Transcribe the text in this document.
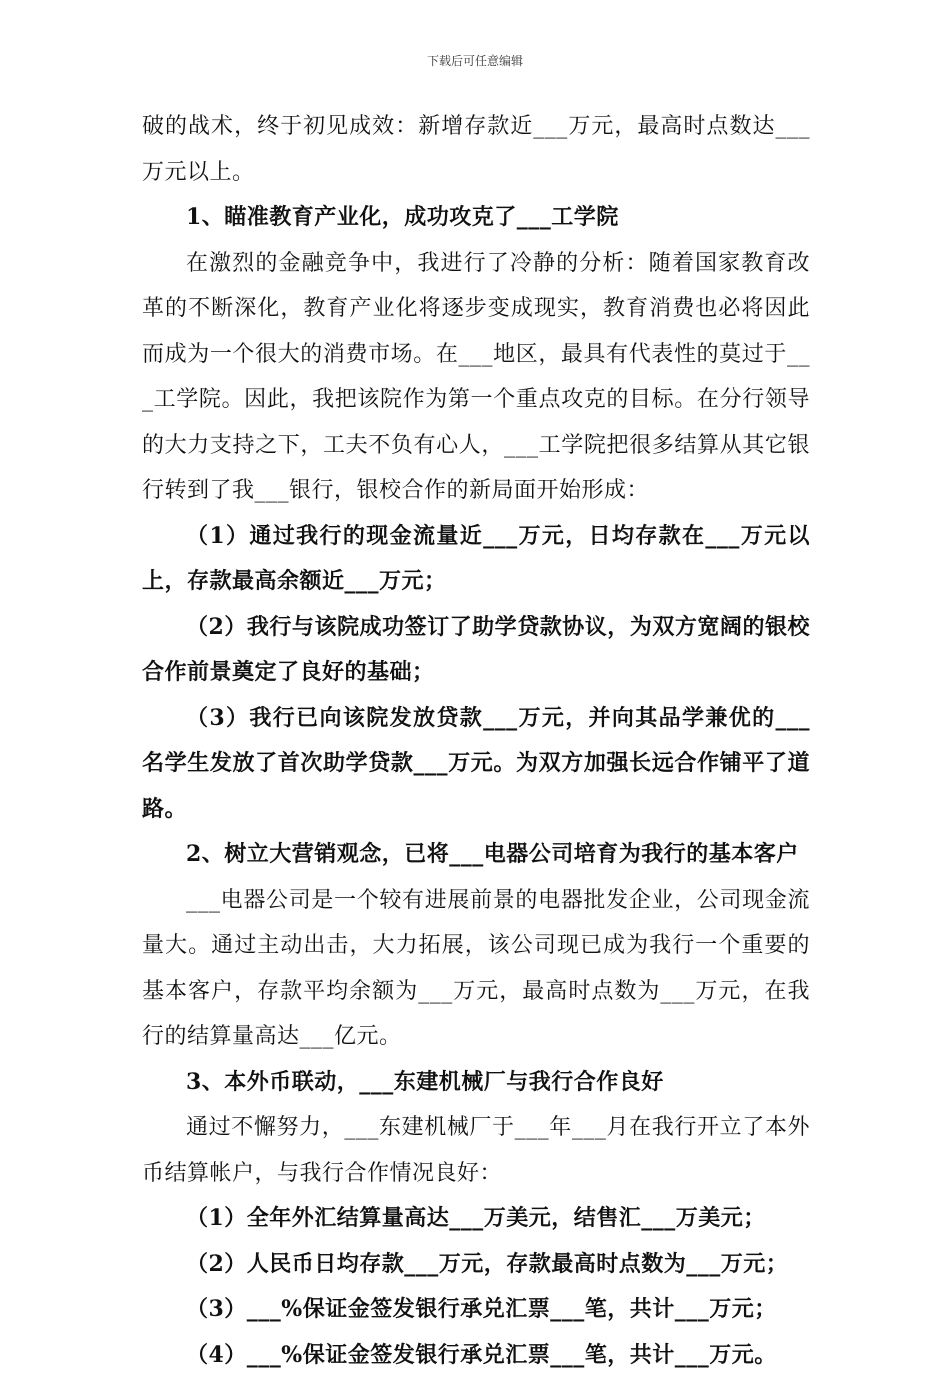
下载后可任意编辑

破的战术，终于初见成效：新增存款近___万元，最高时点数达___万元以上。

1、瞄准教育产业化，成功攻克了___工学院

在激烈的金融竞争中，我进行了冷静的分析：随着国家教育改革的不断深化，教育产业化将逐步变成现实，教育消费也必将因此而成为一个很大的消费市场。在___地区，最具有代表性的莫过于___工学院。因此，我把该院作为第一个重点攻克的目标。在分行领导的大力支持之下，工夫不负有心人，___工学院把很多结算从其它银行转到了我___银行，银校合作的新局面开始形成：

（1）通过我行的现金流量近___万元，日均存款在___万元以上，存款最高余额近___万元；

（2）我行与该院成功签订了助学贷款协议，为双方宽阔的银校合作前景奠定了良好的基础；

（3）我行已向该院发放贷款___万元，并向其品学兼优的___名学生发放了首次助学贷款___万元。为双方加强长远合作铺平了道路。

2、树立大营销观念，已将___电器公司培育为我行的基本客户

___电器公司是一个较有进展前景的电器批发企业，公司现金流量大。通过主动出击，大力拓展，该公司现已成为我行一个重要的基本客户，存款平均余额为___万元，最高时点数为___万元，在我行的结算量高达___亿元。

3、本外币联动，___东建机械厂与我行合作良好

通过不懈努力，___东建机械厂于___年___月在我行开立了本外币结算帐户，与我行合作情况良好：

（1）全年外汇结算量高达___万美元，结售汇___万美元；

（2）人民币日均存款___万元，存款最高时点数为___万元；

（3）___%保证金签发银行承兑汇票___笔，共计___万元；

（4）___%保证金签发银行承兑汇票___笔，共计___万元。
